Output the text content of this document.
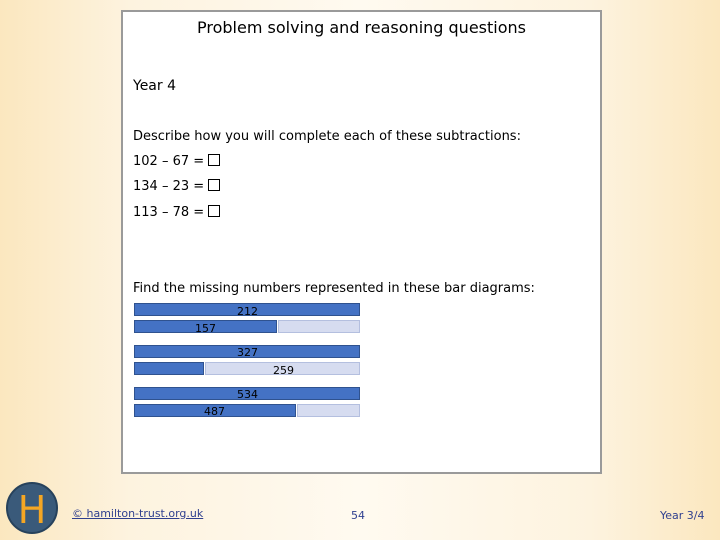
Problem solving and reasoning questions
Year 4
Describe how you will complete each of these subtractions:
102 – 67 =
134 – 23 =
113 – 78 =
Find the missing numbers represented in these bar diagrams:
212
157
327
259
534
487
H	© hamilton-trust.org.uk	54	Year 3/4
